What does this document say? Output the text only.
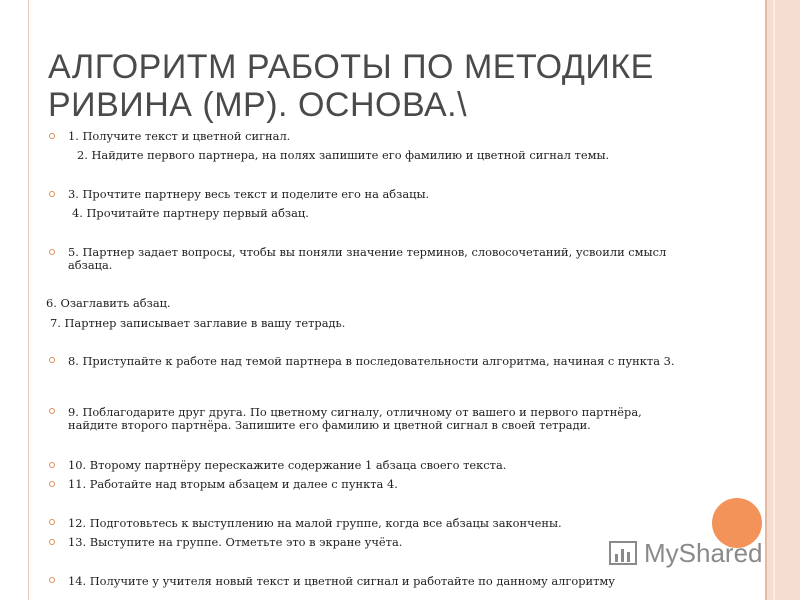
АЛГОРИТМ РАБОТЫ ПО МЕТОДИКЕ
РИВИНА (МР). ОСНОВА.\
1. Получите текст и цветной сигнал.
2. Найдите первого партнера, на полях запишите его фамилию и цветной сигнал темы.
3. Прочтите партнеру весь текст и поделите его на абзацы.
4. Прочитайте партнеру первый абзац.
5. Партнер задает вопросы, чтобы вы поняли значение терминов, словосочетаний, усвоили смысл абзаца.
6. Озаглавить абзац.
7. Партнер записывает заглавие в вашу тетрадь.
8. Приступайте к работе над темой партнера в последовательности алгоритма, начиная с пункта 3.
9. Поблагодарите друг друга. По цветному сигналу, отличному от вашего и первого партнёра, найдите второго партнёра. Запишите его фамилию и цветной сигнал в своей тетради.
10. Второму партнёру перескажите содержание 1 абзаца своего текста.
11. Работайте над вторым абзацем и далее с пункта 4.
12. Подготовьтесь к выступлению на малой группе, когда все абзацы закончены.
13. Выступите на группе. Отметьте это в экране учёта.
14. Получите у учителя новый текст и цветной сигнал и работайте по данному алгоритму
MyShared
